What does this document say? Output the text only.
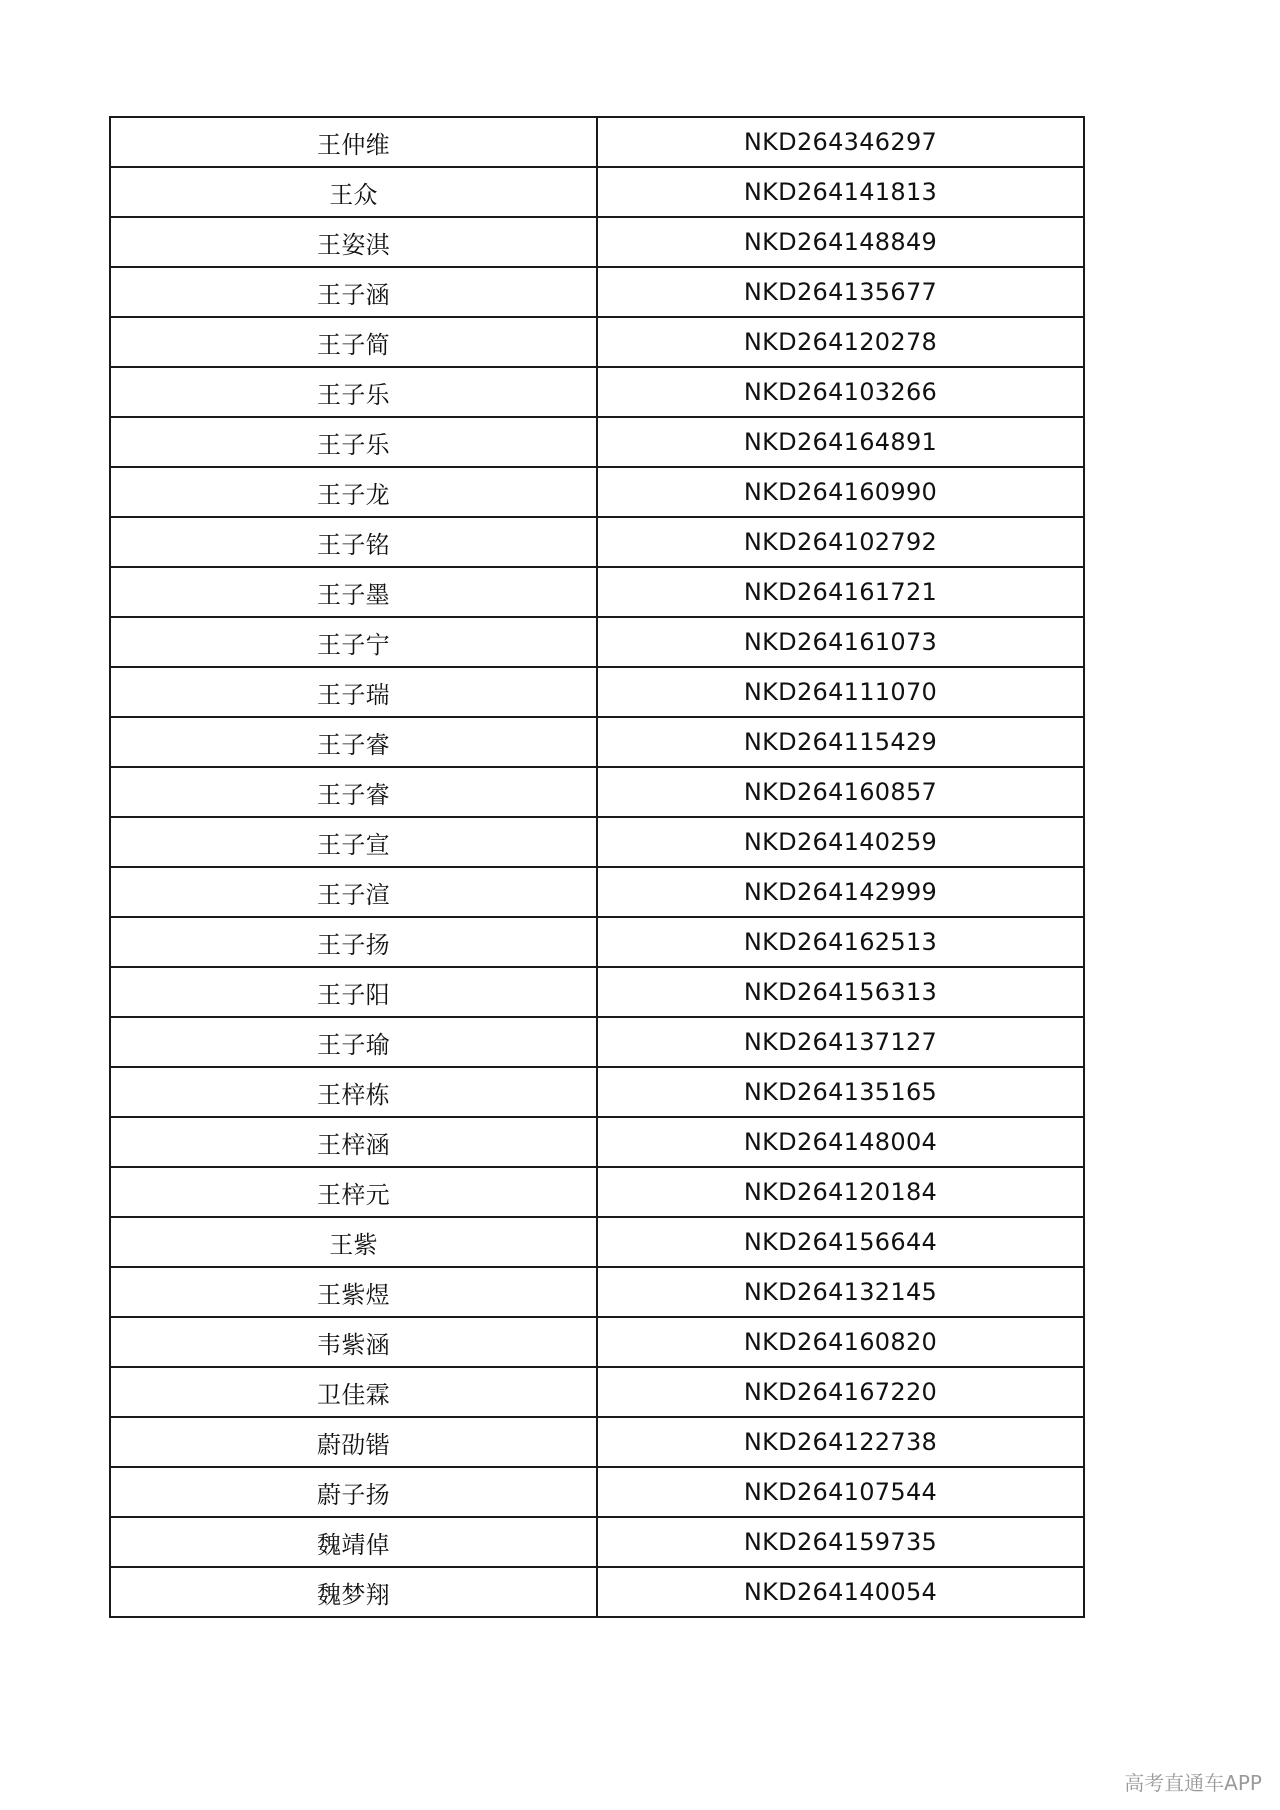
王仲维	NKD264346297
王众	NKD264141813
王姿淇	NKD264148849
王子涵	NKD264135677
王子简	NKD264120278
王子乐	NKD264103266
王子乐	NKD264164891
王子龙	NKD264160990
王子铭	NKD264102792
王子墨	NKD264161721
王子宁	NKD264161073
王子瑞	NKD264111070
王子睿	NKD264115429
王子睿	NKD264160857
王子宣	NKD264140259
王子渲	NKD264142999
王子扬	NKD264162513
王子阳	NKD264156313
王子瑜	NKD264137127
王梓栋	NKD264135165
王梓涵	NKD264148004
王梓元	NKD264120184
王紫	NKD264156644
王紫煜	NKD264132145
韦紫涵	NKD264160820
卫佳霖	NKD264167220
蔚劭锴	NKD264122738
蔚子扬	NKD264107544
魏靖倬	NKD264159735
魏梦翔	NKD264140054
高考直通车APP
